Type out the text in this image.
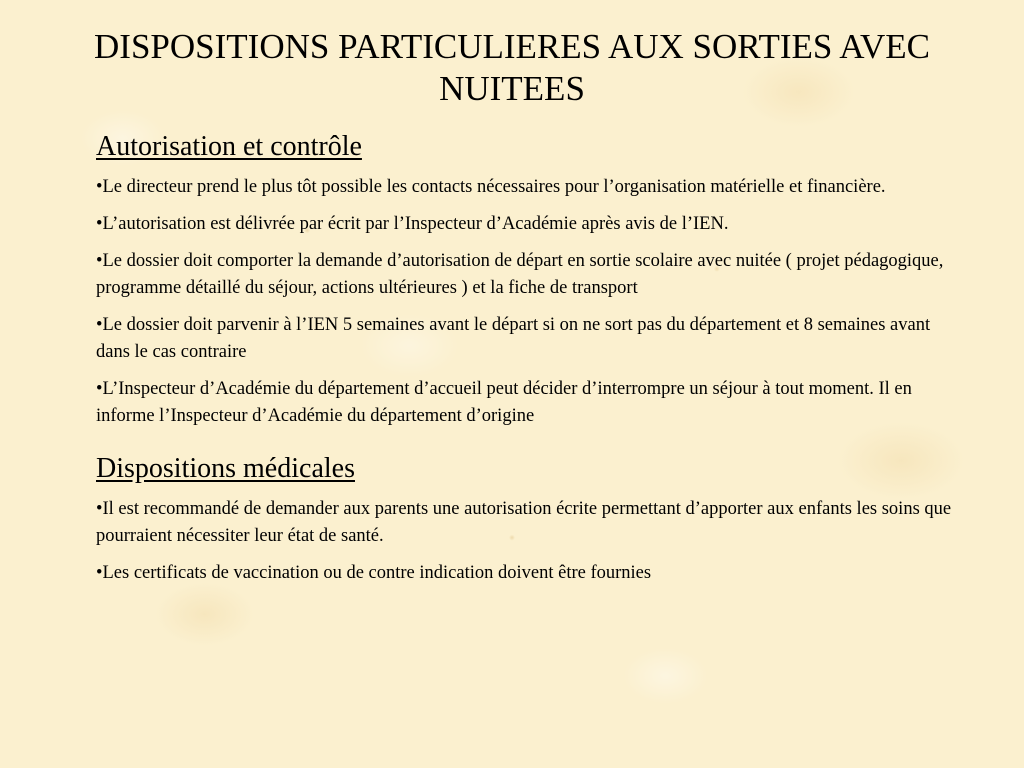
DISPOSITIONS PARTICULIERES AUX SORTIES AVEC NUITEES
Autorisation et contrôle
•Le directeur prend le plus tôt possible les contacts nécessaires pour l’organisation matérielle et financière.
•L’autorisation est délivrée par écrit par l’Inspecteur d’Académie après avis de l’IEN.
•Le dossier doit comporter la demande d’autorisation de départ en sortie scolaire avec nuitée ( projet pédagogique, programme détaillé du séjour, actions ultérieures ) et la fiche de transport
•Le dossier doit parvenir à l’IEN 5 semaines avant le départ si on ne sort pas du département et 8 semaines avant dans le cas contraire
•L’Inspecteur d’Académie du département d’accueil peut décider d’interrompre un séjour à tout moment. Il en informe l’Inspecteur d’Académie du département d’origine
Dispositions médicales
•Il est recommandé de demander aux parents une autorisation écrite permettant d’apporter aux enfants les soins que pourraient nécessiter leur état de santé.
•Les certificats de vaccination ou de contre indication doivent être fournies
